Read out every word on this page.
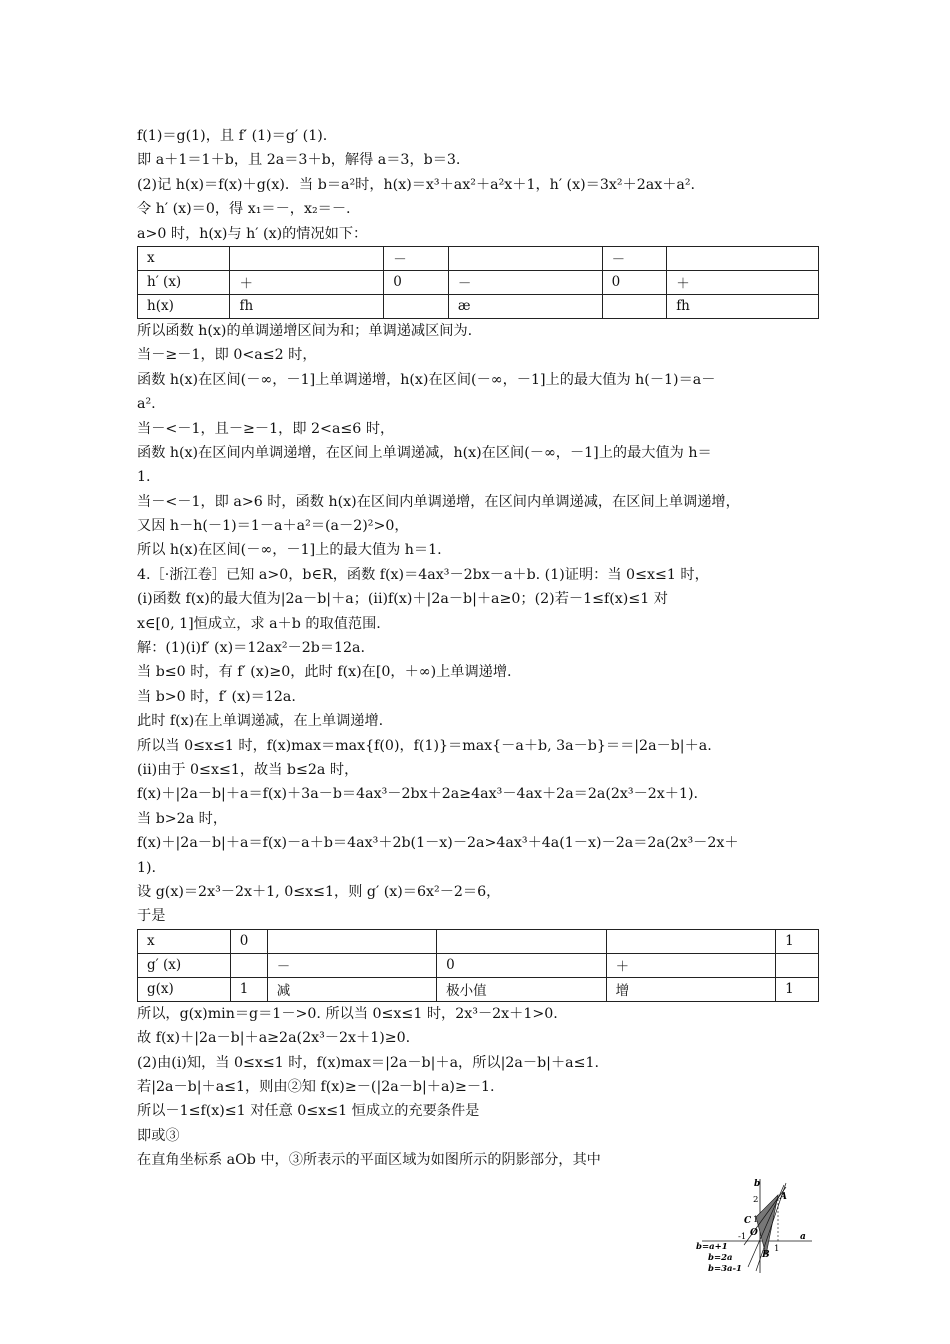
f(1)＝g(1)，且 f′ (1)＝g′ (1).
即 a＋1＝1＋b，且 2a＝3＋b，解得 a＝3，b＝3.
(2)记 h(x)＝f(x)＋g(x)．当 b＝a²时，h(x)＝x³＋ax²＋a²x＋1，h′ (x)＝3x²＋2ax＋a².
令 h′ (x)＝0，得 x₁＝－，x₂＝－.
a>0 时，h(x)与 h′ (x)的情况如下：
x		－		－	
h′ (x)	＋	0	－	0	＋
h(x)	fh		æ		fh
所以函数 h(x)的单调递增区间为和；单调递减区间为.
当－≥－1，即 0<a≤2 时，
函数 h(x)在区间(－∞，－1]上单调递增，h(x)在区间(－∞，－1]上的最大值为 h(－1)＝a－
a².
当－<－1，且－≥－1，即 2<a≤6 时，
函数 h(x)在区间内单调递增，在区间上单调递减，h(x)在区间(－∞，－1]上的最大值为 h＝
1.
当－<－1，即 a>6 时，函数 h(x)在区间内单调递增，在区间内单调递减，在区间上单调递增，
又因 h－h(－1)＝1－a＋a²＝(a－2)²>0，
所以 h(x)在区间(－∞，－1]上的最大值为 h＝1.
4.［·浙江卷］已知 a>0，b∈R，函数 f(x)＝4ax³－2bx－a＋b. (1)证明：当 0≤x≤1 时，
(i)函数 f(x)的最大值为|2a－b|＋a；(ii)f(x)＋|2a－b|＋a≥0；(2)若－1≤f(x)≤1 对
x∈[0, 1]恒成立，求 a＋b 的取值范围.
解：(1)(i)f′ (x)＝12ax²－2b＝12a.
当 b≤0 时，有 f′ (x)≥0，此时 f(x)在[0，＋∞)上单调递增.
当 b>0 时，f′ (x)＝12a.
此时 f(x)在上单调递减，在上单调递增.
所以当 0≤x≤1 时，f(x)max＝max{f(0)，f(1)}＝max{－a＋b, 3a－b}＝＝|2a－b|＋a.
(ii)由于 0≤x≤1，故当 b≤2a 时，
f(x)＋|2a－b|＋a＝f(x)＋3a－b＝4ax³－2bx＋2a≥4ax³－4ax＋2a＝2a(2x³－2x＋1).
当 b>2a 时，
f(x)＋|2a－b|＋a＝f(x)－a＋b＝4ax³＋2b(1－x)－2a>4ax³＋4a(1－x)－2a＝2a(2x³－2x＋
1).
设 g(x)＝2x³－2x＋1, 0≤x≤1，则 g′ (x)＝6x²－2＝6，
于是
x	0				1
g′ (x)		－	0	＋	
g(x)	1	减	极小值	增	1
所以，g(x)min＝g＝1－>0. 所以当 0≤x≤1 时，2x³－2x＋1>0.
故 f(x)＋|2a－b|＋a≥2a(2x³－2x＋1)≥0.
(2)由(i)知，当 0≤x≤1 时，f(x)max＝|2a－b|＋a，所以|2a－b|＋a≤1.
若|2a－b|＋a≤1，则由②知 f(x)≥－(|2a－b|＋a)≥－1.
所以－1≤f(x)≤1 对任意 0≤x≤1 恒成立的充要条件是
即或③
在直角坐标系 aOb 中，③所表示的平面区域为如图所示的阴影部分，其中
b
a
2
1
-1
1
A
B
C
O
b=a+1
b=2a
b=3a-1
